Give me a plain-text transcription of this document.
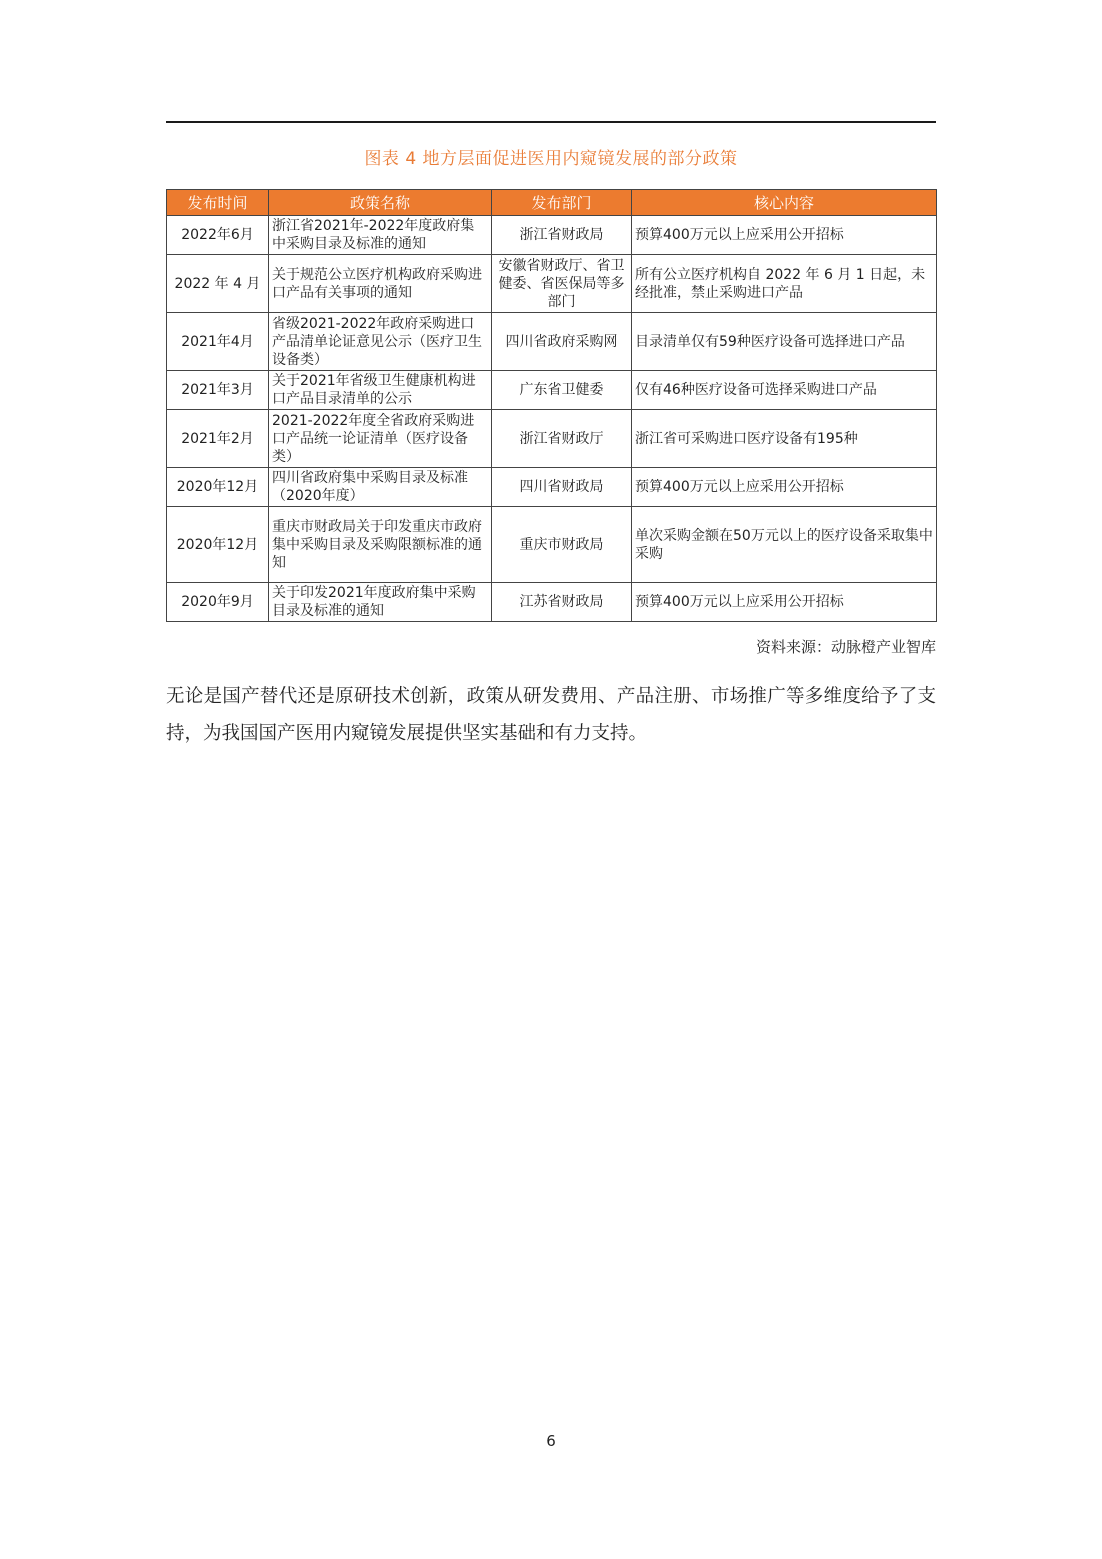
图表 4 地方层面促进医用内窥镜发展的部分政策
发布时间	政策名称	发布部门	核心内容
2022年6月	浙江省2021年-2022年度政府集中采购目录及标准的通知	浙江省财政局	预算400万元以上应采用公开招标
2022 年 4 月	关于规范公立医疗机构政府采购进口产品有关事项的通知	安徽省财政厅、省卫健委、省医保局等多部门	所有公立医疗机构自 2022 年 6 月 1 日起，未经批准，禁止采购进口产品
2021年4月	省级2021-2022年政府采购进口产品清单论证意见公示（医疗卫生设备类）	四川省政府采购网	目录清单仅有59种医疗设备可选择进口产品
2021年3月	关于2021年省级卫生健康机构进口产品目录清单的公示	广东省卫健委	仅有46种医疗设备可选择采购进口产品
2021年2月	2021-2022年度全省政府采购进口产品统一论证清单（医疗设备类）	浙江省财政厅	浙江省可采购进口医疗设备有195种
2020年12月	四川省政府集中采购目录及标准（2020年度）	四川省财政局	预算400万元以上应采用公开招标
2020年12月	重庆市财政局关于印发重庆市政府集中采购目录及采购限额标准的通知	重庆市财政局	单次采购金额在50万元以上的医疗设备采取集中采购
2020年9月	关于印发2021年度政府集中采购目录及标准的通知	江苏省财政局	预算400万元以上应采用公开招标
资料来源：动脉橙产业智库

无论是国产替代还是原研技术创新，政策从研发费用、产品注册、市场推广等多维度给予了支持，为我国国产医用内窥镜发展提供坚实基础和有力支持。

6
